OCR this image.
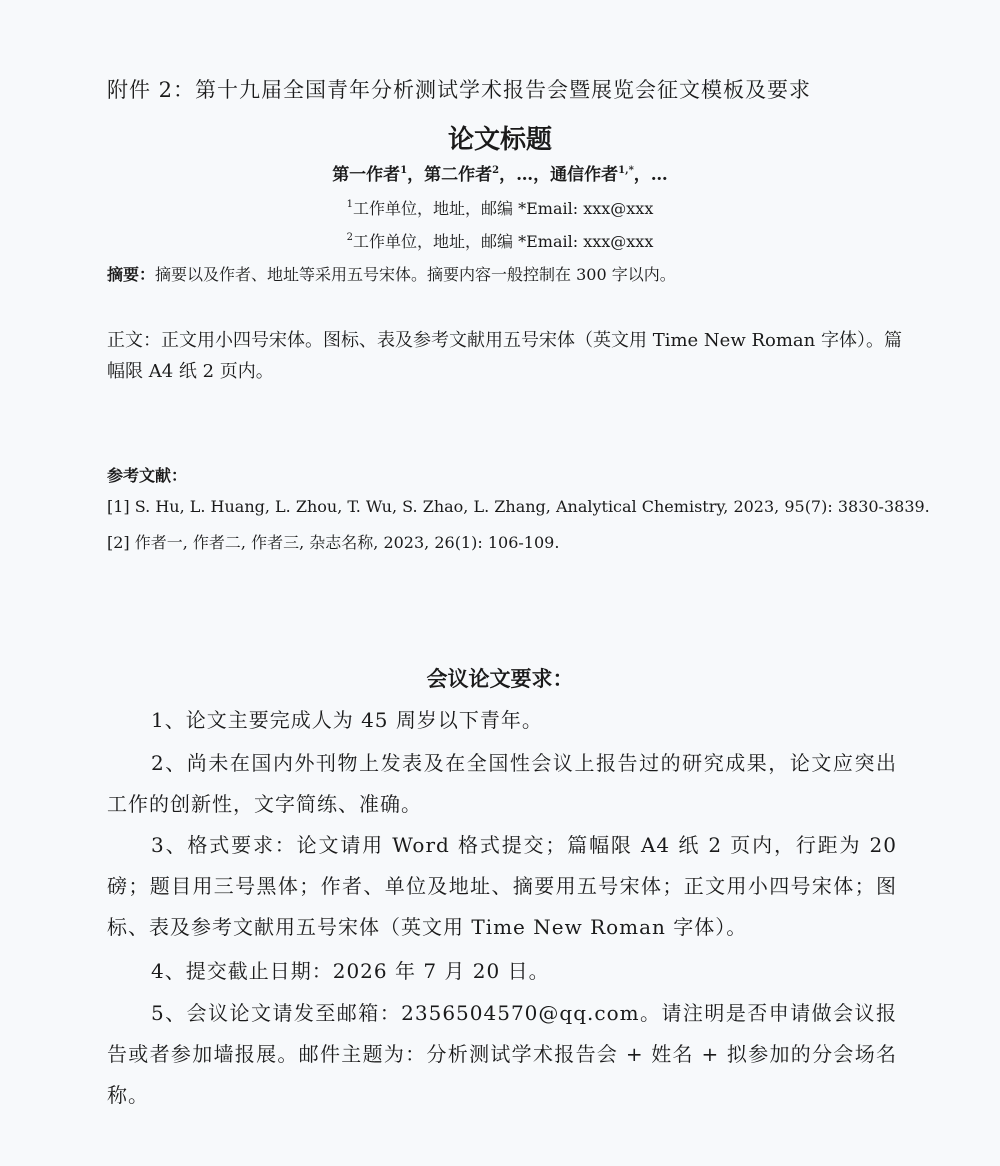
附件 2：第十九届全国青年分析测试学术报告会暨展览会征文模板及要求
论文标题
第一作者$^1$，第二作者$^2$，…，通信作者$^{1,*}$，…
$^1$工作单位，地址，邮编 *Email: xxx@xxx
$^2$工作单位，地址，邮编 *Email: xxx@xxx
摘要：摘要以及作者、地址等采用五号宋体。摘要内容一般控制在 300 字以内。
正文：正文用小四号宋体。图标、表及参考文献用五号宋体（英文用 Time New Roman 字体）。篇幅限 A4 纸 2 页内。
参考文献：
[1] S. Hu, L. Huang, L. Zhou, T. Wu, S. Zhao, L. Zhang, Analytical Chemistry, 2023, 95(7): 3830-3839.
[2] 作者一, 作者二, 作者三, 杂志名称, 2023, 26(1): 106-109.
会议论文要求：
1、论文主要完成人为 45 周岁以下青年。
2、尚未在国内外刊物上发表及在全国性会议上报告过的研究成果，论文应突出工作的创新性，文字简练、准确。
3、格式要求：论文请用 Word 格式提交；篇幅限 A4 纸 2 页内，行距为 20 磅；题目用三号黑体；作者、单位及地址、摘要用五号宋体；正文用小四号宋体；图标、表及参考文献用五号宋体（英文用 Time New Roman 字体）。
4、提交截止日期：2026 年 7 月 20 日。
5、会议论文请发至邮箱：2356504570@qq.com。请注明是否申请做会议报告或者参加墙报展。邮件主题为：分析测试学术报告会 + 姓名 + 拟参加的分会场名称。
